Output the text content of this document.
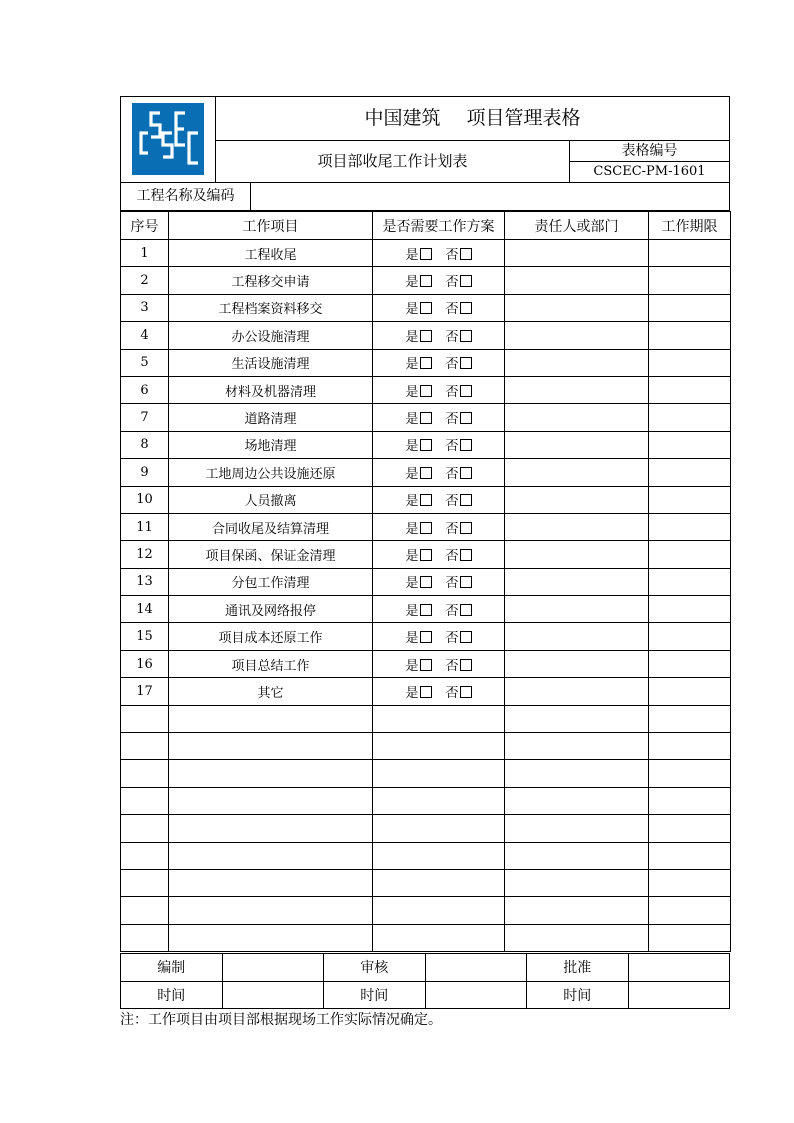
中国建筑 项目管理表格
项目部收尾工作计划表
表格编号
CSCEC-PM-1601
工程名称及编码
序号	工作项目	是否需要工作方案	责任人或部门	工作期限
1	工程收尾	是 否		
2	工程移交申请	是 否		
3	工程档案资料移交	是 否		
4	办公设施清理	是 否		
5	生活设施清理	是 否		
6	材料及机器清理	是 否		
7	道路清理	是 否		
8	场地清理	是 否		
9	工地周边公共设施还原	是 否		
10	人员撤离	是 否		
11	合同收尾及结算清理	是 否		
12	项目保函、保证金清理	是 否		
13	分包工作清理	是 否		
14	通讯及网络报停	是 否		
15	项目成本还原工作	是 否		
16	项目总结工作	是 否		
17	其它	是 否		

编制		审核		批准	
时间		时间		时间	
注：工作项目由项目部根据现场工作实际情况确定。
